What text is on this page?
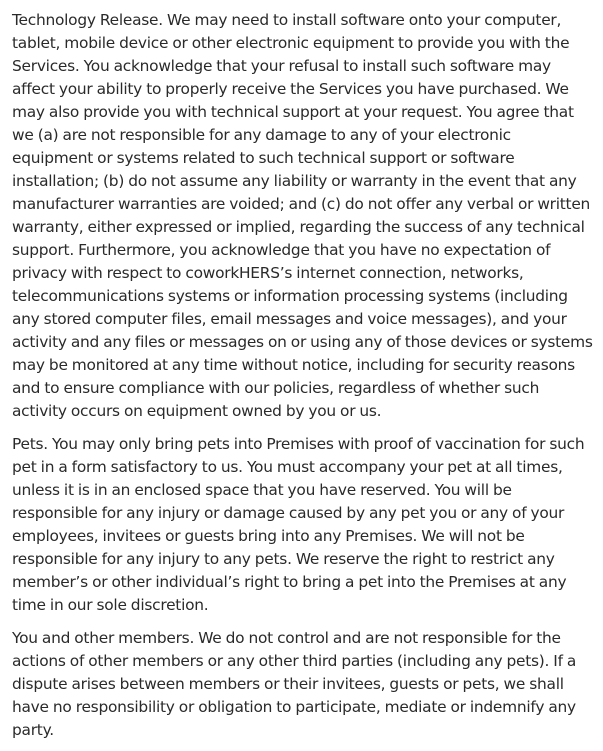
Technology Release. We may need to install software onto your computer, tablet, mobile device or other electronic equipment to provide you with the Services. You acknowledge that your refusal to install such software may affect your ability to properly receive the Services you have purchased. We may also provide you with technical support at your request. You agree that we (a) are not responsible for any damage to any of your electronic equipment or systems related to such technical support or software installation; (b) do not assume any liability or warranty in the event that any manufacturer warranties are voided; and (c) do not offer any verbal or written warranty, either expressed or implied, regarding the success of any technical support. Furthermore, you acknowledge that you have no expectation of privacy with respect to coworkHERS’s internet connection, networks, telecommunications systems or information processing systems (including any stored computer files, email messages and voice messages), and your activity and any files or messages on or using any of those devices or systems may be monitored at any time without notice, including for security reasons and to ensure compliance with our policies, regardless of whether such activity occurs on equipment owned by you or us.

Pets. You may only bring pets into Premises with proof of vaccination for such pet in a form satisfactory to us. You must accompany your pet at all times, unless it is in an enclosed space that you have reserved. You will be responsible for any injury or damage caused by any pet you or any of your employees, invitees or guests bring into any Premises. We will not be responsible for any injury to any pets. We reserve the right to restrict any member’s or other individual’s right to bring a pet into the Premises at any time in our sole discretion.

You and other members. We do not control and are not responsible for the actions of other members or any other third parties (including any pets). If a dispute arises between members or their invitees, guests or pets, we shall have no responsibility or obligation to participate, mediate or indemnify any party.
